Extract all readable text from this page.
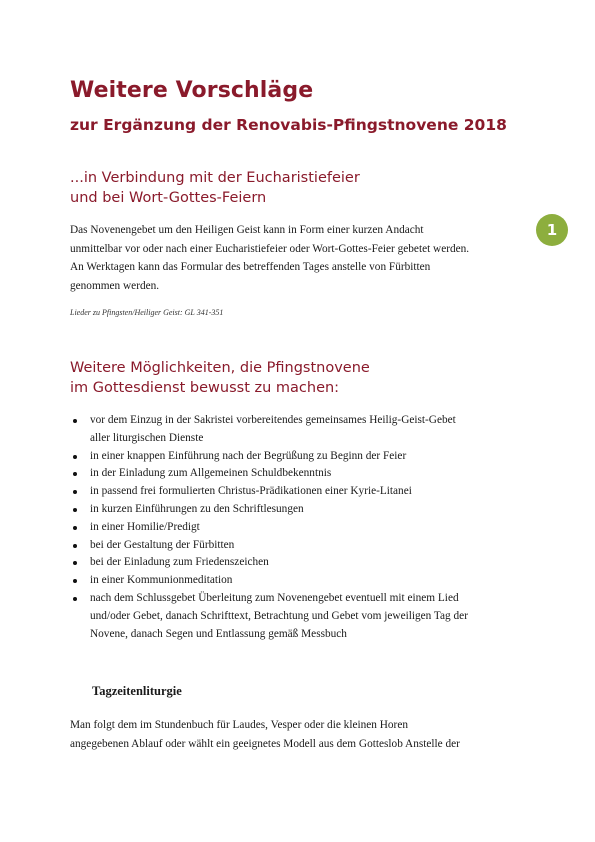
Weitere Vorschläge
zur Ergänzung der Renovabis-Pfingstnovene 2018
...in Verbindung mit der Eucharistiefeier
und bei Wort-Gottes-Feiern
1
Das Novenengebet um den Heiligen Geist kann in Form einer kurzen Andacht
unmittelbar vor oder nach einer Eucharistiefeier oder Wort-Gottes-Feier gebetet werden.
An Werktagen kann das Formular des betreffenden Tages anstelle von Fürbitten
genommen werden.
Lieder zu Pfingsten/Heiliger Geist: GL 341-351
Weitere Möglichkeiten, die Pfingstnovene
im Gottesdienst bewusst zu machen:
vor dem Einzug in der Sakristei vorbereitendes gemeinsames Heilig-Geist-Gebet
aller liturgischen Dienste
in einer knappen Einführung nach der Begrüßung zu Beginn der Feier
in der Einladung zum Allgemeinen Schuldbekenntnis
in passend frei formulierten Christus-Prädikationen einer Kyrie-Litanei
in kurzen Einführungen zu den Schriftlesungen
in einer Homilie/Predigt
bei der Gestaltung der Fürbitten
bei der Einladung zum Friedenszeichen
in einer Kommunionmeditation
nach dem Schlussgebet Überleitung zum Novenengebet eventuell mit einem Lied
und/oder Gebet, danach Schrifttext, Betrachtung und Gebet vom jeweiligen Tag der
Novene, danach Segen und Entlassung gemäß Messbuch
Tagzeitenliturgie
Man folgt dem im Stundenbuch für Laudes, Vesper oder die kleinen Horen
angegebenen Ablauf oder wählt ein geeignetes Modell aus dem Gotteslob Anstelle der
